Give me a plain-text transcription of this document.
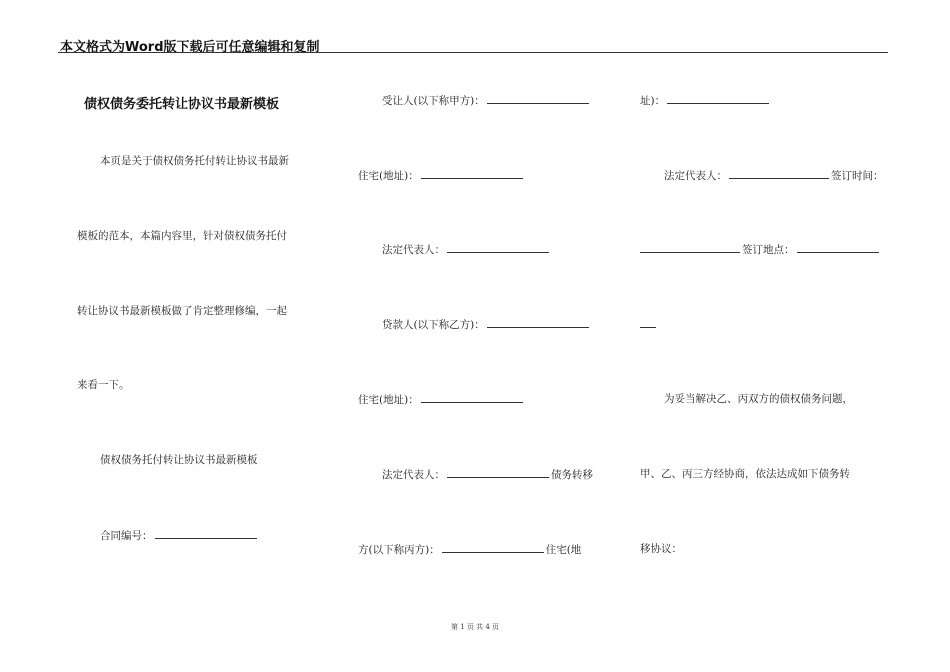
本文格式为Word版下载后可任意编辑和复制
债权债务委托转让协议书最新模板
本页是关于债权债务托付转让协议书最新
模板的范本，本篇内容里，针对债权债务托付
转让协议书最新模板做了肯定整理修编，一起
来看一下。
债权债务托付转让协议书最新模板
合同编号：
受让人(以下称甲方)：
住宅(地址)：
法定代表人：
贷款人(以下称乙方)：
住宅(地址)：
法定代表人：	债务转移
方(以下称丙方)：	住宅(地
址)：
法定代表人：	签订时间：
签订地点：
为妥当解决乙、丙双方的债权债务问题，
甲、乙、丙三方经协商，依法达成如下债务转
移协议：
第 1 页 共 4 页
